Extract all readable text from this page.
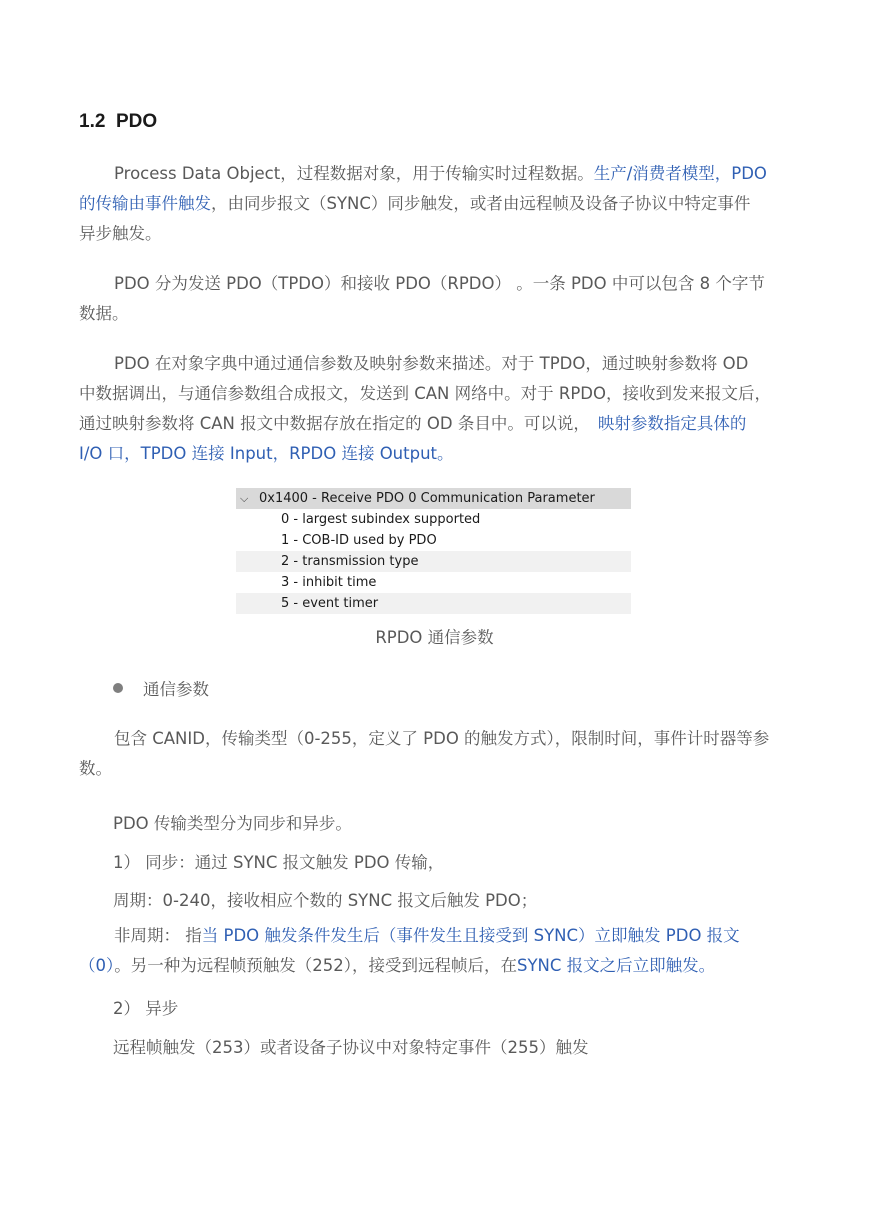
1.2  PDO
Process Data Object，过程数据对象，用于传输实时过程数据。生产/消费者模型，PDO
的传输由事件触发，由同步报文（SYNC）同步触发，或者由远程帧及设备子协议中特定事件
异步触发。
PDO 分为发送 PDO（TPDO）和接收 PDO（RPDO） 。一条 PDO 中可以包含 8 个字节
数据。
PDO 在对象字典中通过通信参数及映射参数来描述。对于 TPDO，通过映射参数将 OD
中数据调出，与通信参数组合成报文，发送到 CAN 网络中。对于 RPDO，接收到发来报文后，
通过映射参数将 CAN 报文中数据存放在指定的 OD 条目中。可以说， 映射参数指定具体的
I/O 口，TPDO 连接 Input，RPDO 连接 Output。
⌵ 0x1400 - Receive PDO 0 Communication Parameter
0 - largest subindex supported
1 - COB-ID used by PDO
2 - transmission type
3 - inhibit time
5 - event timer
RPDO 通信参数
通信参数
包含 CANID，传输类型（0-255，定义了 PDO 的触发方式），限制时间，事件计时器等参
数。
PDO 传输类型分为同步和异步。
1） 同步：通过 SYNC 报文触发 PDO 传输，
周期：0-240，接收相应个数的 SYNC 报文后触发 PDO；
非周期： 指当 PDO 触发条件发生后（事件发生且接受到 SYNC）立即触发 PDO 报文
（0）。另一种为远程帧预触发（252），接受到远程帧后，在SYNC 报文之后立即触发。
2） 异步
远程帧触发（253）或者设备子协议中对象特定事件（255）触发
